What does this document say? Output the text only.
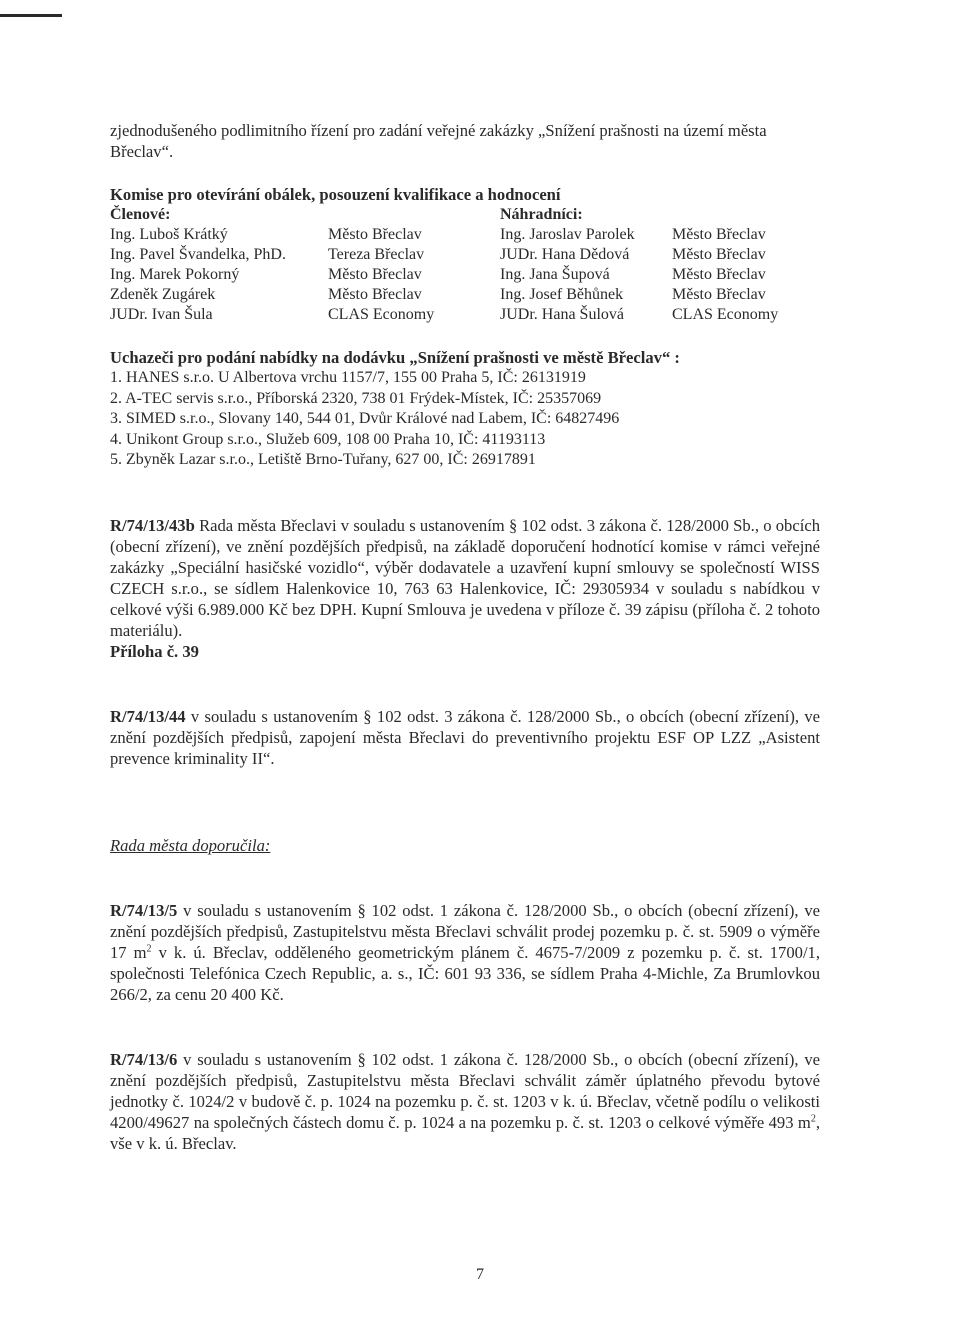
zjednodušeného podlimitního řízení pro zadání veřejné zakázky „Snížení prašnosti na území města Břeclav“.

Komise pro otevírání obálek, posouzení kvalifikace a hodnocení

Členové:	Náhradníci:
Ing. Luboš Krátký	Město Břeclav	Ing. Jaroslav Parolek	Město Břeclav
Ing. Pavel Švandelka, PhD.	Tereza Břeclav	JUDr. Hana Dědová	Město Břeclav
Ing. Marek Pokorný	Město Břeclav	Ing. Jana Šupová	Město Břeclav
Zdeněk Zugárek	Město Břeclav	Ing. Josef Běhůnek	Město Břeclav
JUDr. Ivan Šula	CLAS Economy	JUDr. Hana Šulová	CLAS Economy

Uchazeči pro podání nabídky na dodávku „Snížení prašnosti ve městě Břeclav“ :

1. HANES s.r.o. U Albertova vrchu 1157/7, 155 00 Praha 5, IČ: 26131919
2. A-TEC servis s.r.o., Příborská 2320, 738 01 Frýdek-Místek, IČ: 25357069
3. SIMED s.r.o., Slovany 140, 544 01, Dvůr Králové nad Labem, IČ: 64827496
4. Unikont Group s.r.o., Služeb 609, 108 00 Praha 10, IČ: 41193113
5. Zbyněk Lazar s.r.o., Letiště Brno-Tuřany, 627 00, IČ: 26917891

R/74/13/43b Rada města Břeclavi v souladu s ustanovením § 102 odst. 3 zákona č. 128/2000 Sb., o obcích (obecní zřízení), ve znění pozdějších předpisů, na základě doporučení hodnotící komise v rámci veřejné zakázky „Speciální hasičské vozidlo“, výběr dodavatele a uzavření kupní smlouvy se společností WISS CZECH s.r.o., se sídlem Halenkovice 10, 763 63 Halenkovice, IČ: 29305934 v souladu s nabídkou v celkové výši 6.989.000 Kč bez DPH. Kupní Smlouva je uvedena v příloze č. 39 zápisu (příloha č. 2 tohoto materiálu).

Příloha č. 39

R/74/13/44 v souladu s ustanovením § 102 odst. 3 zákona č. 128/2000 Sb., o obcích (obecní zřízení), ve znění pozdějších předpisů, zapojení města Břeclavi do preventivního projektu ESF OP LZZ „Asistent prevence kriminality II“.

Rada města doporučila:

R/74/13/5 v souladu s ustanovením § 102 odst. 1 zákona č. 128/2000 Sb., o obcích (obecní zřízení), ve znění pozdějších předpisů, Zastupitelstvu města Břeclavi schválit prodej pozemku p. č. st. 5909 o výměře 17 $m^2$ v k. ú. Břeclav, odděleného geometrickým plánem č. 4675-7/2009 z pozemku p. č. st. 1700/1, společnosti Telefónica Czech Republic, a. s., IČ: 601 93 336, se sídlem Praha 4-Michle, Za Brumlovkou 266/2, za cenu 20 400 Kč.

R/74/13/6 v souladu s ustanovením § 102 odst. 1 zákona č. 128/2000 Sb., o obcích (obecní zřízení), ve znění pozdějších předpisů, Zastupitelstvu města Břeclavi schválit záměr úplatného převodu bytové jednotky č. 1024/2 v budově č. p. 1024 na pozemku p. č. st. 1203 v k. ú. Břeclav, včetně podílu o velikosti 4200/49627 na společných částech domu č. p. 1024 a na pozemku p. č. st. 1203 o celkové výměře 493 $m^2$, vše v k. ú. Břeclav.

7
